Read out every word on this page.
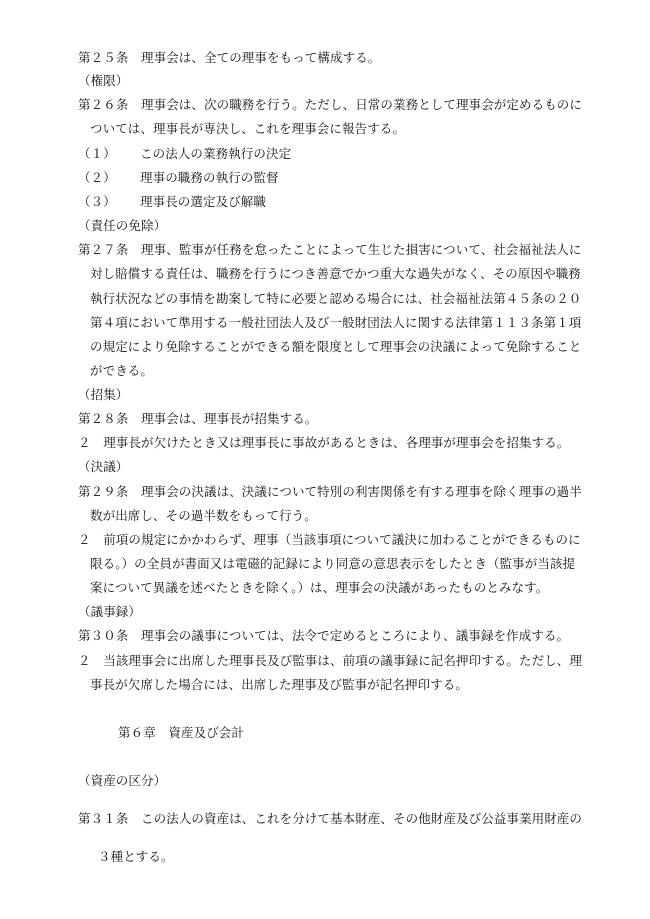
第２５条　理事会は、全ての理事をもって構成する。
（権限）
第２６条　理事会は、次の職務を行う。ただし、日常の業務として理事会が定めるものに
ついては、理事長が専決し、これを理事会に報告する。
（１） この法人の業務執行の決定
（２） 理事の職務の執行の監督
（３） 理事長の選定及び解職
（責任の免除）
第２７条　理事、監事が任務を怠ったことによって生じた損害について、社会福祉法人に
対し賠償する責任は、職務を行うにつき善意でかつ重大な過失がなく、その原因や職務
執行状況などの事情を勘案して特に必要と認める場合には、社会福祉法第４５条の２０
第４項において準用する一般社団法人及び一般財団法人に関する法律第１１３条第１項
の規定により免除することができる額を限度として理事会の決議によって免除すること
ができる。
（招集）
第２８条　理事会は、理事長が招集する。
２　理事長が欠けたとき又は理事長に事故があるときは、各理事が理事会を招集する。
（決議）
第２９条　理事会の決議は、決議について特別の利害関係を有する理事を除く理事の過半
数が出席し、その過半数をもって行う。
２　前項の規定にかかわらず、理事（当該事項について議決に加わることができるものに
限る。）の全員が書面又は電磁的記録により同意の意思表示をしたとき（監事が当該提
案について異議を述べたときを除く。）は、理事会の決議があったものとみなす。
（議事録）
第３０条　理事会の議事については、法令で定めるところにより、議事録を作成する。
２　当該理事会に出席した理事長及び監事は、前項の議事録に記名押印する。ただし、理
事長が欠席した場合には、出席した理事及び監事が記名押印する。
第６章　資産及び会計
（資産の区分）
第３１条　この法人の資産は、これを分けて基本財産、その他財産及び公益事業用財産の
３種とする。
